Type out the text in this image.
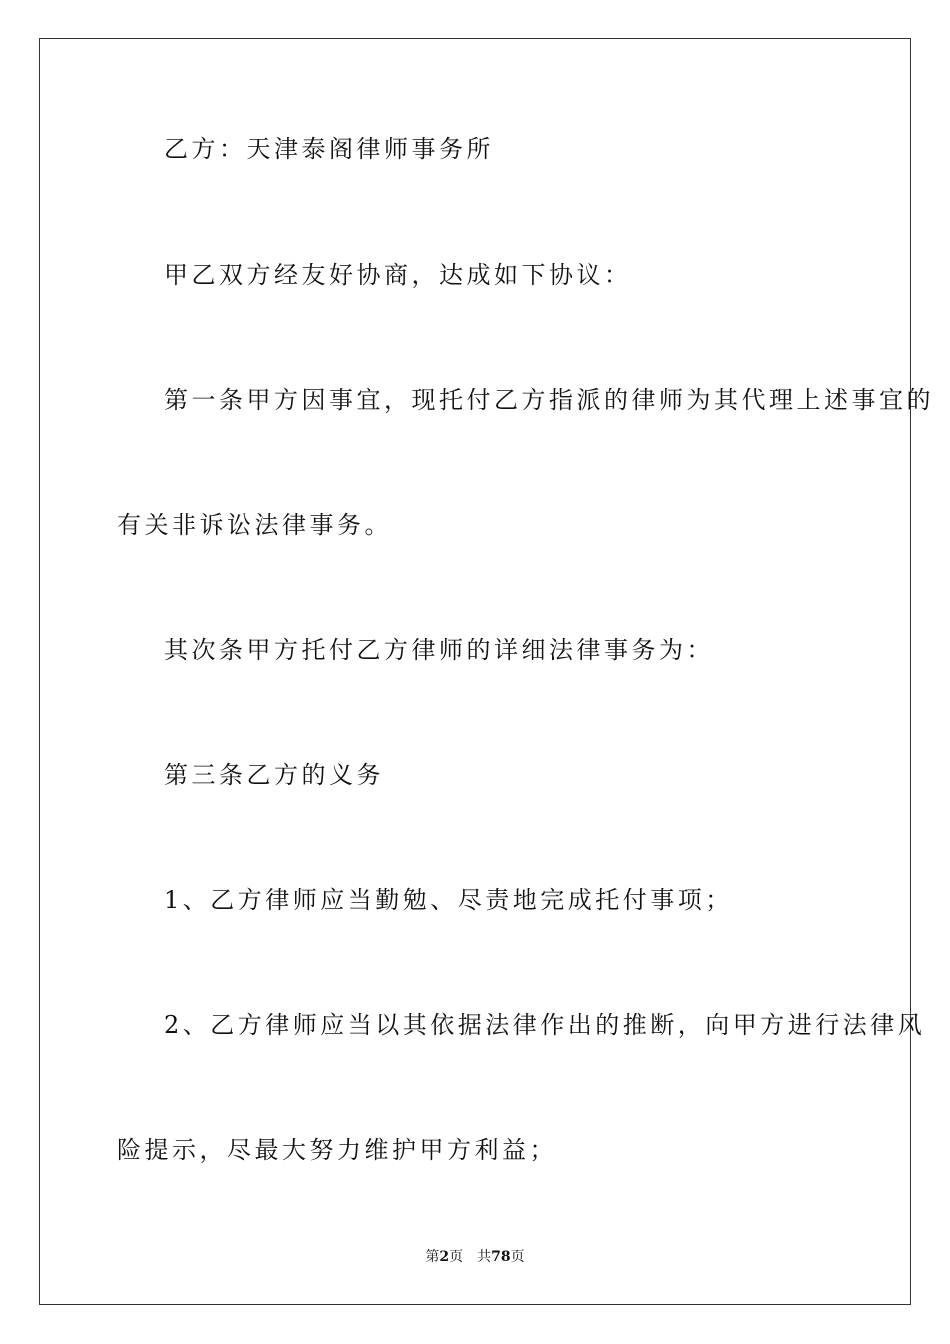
乙方：天津泰阁律师事务所
甲乙双方经友好协商，达成如下协议：
第一条甲方因事宜，现托付乙方指派的律师为其代理上述事宜的
有关非诉讼法律事务。
其次条甲方托付乙方律师的详细法律事务为：
第三条乙方的义务
1、乙方律师应当勤勉、尽责地完成托付事项；
2、乙方律师应当以其依据法律作出的推断，向甲方进行法律风
险提示，尽最大努力维护甲方利益；
第2页 共78页
